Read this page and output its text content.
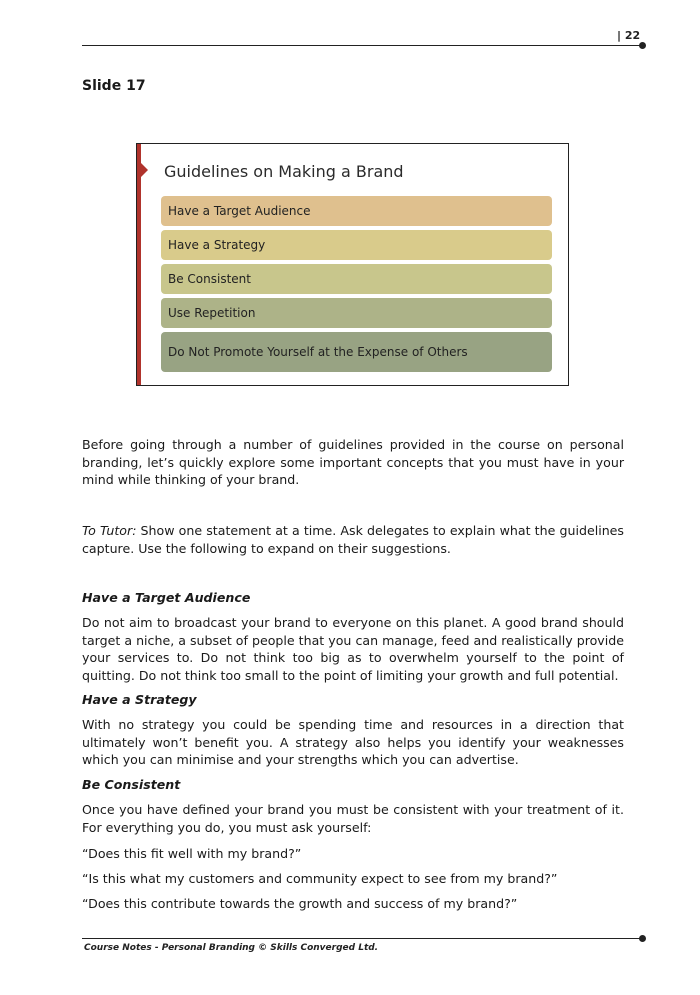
| 22
Slide 17
Guidelines on Making a Brand
Have a Target Audience
Have a Strategy
Be Consistent
Use Repetition
Do Not Promote Yourself at the Expense of Others
Before going through a number of guidelines provided in the course on personal branding, let’s quickly explore some important concepts that you must have in your mind while thinking of your brand.
To Tutor: Show one statement at a time. Ask delegates to explain what the guidelines capture. Use the following to expand on their suggestions.
Have a Target Audience
Do not aim to broadcast your brand to everyone on this planet. A good brand should target a niche, a subset of people that you can manage, feed and realistically provide your services to. Do not think too big as to overwhelm yourself to the point of quitting. Do not think too small to the point of limiting your growth and full potential.
Have a Strategy
With no strategy you could be spending time and resources in a direction that ultimately won’t benefit you. A strategy also helps you identify your weaknesses which you can minimise and your strengths which you can advertise.
Be Consistent
Once you have defined your brand you must be consistent with your treatment of it. For everything you do, you must ask yourself:
“Does this fit well with my brand?”
“Is this what my customers and community expect to see from my brand?”
“Does this contribute towards the growth and success of my brand?”
Course Notes - Personal Branding © Skills Converged Ltd.
